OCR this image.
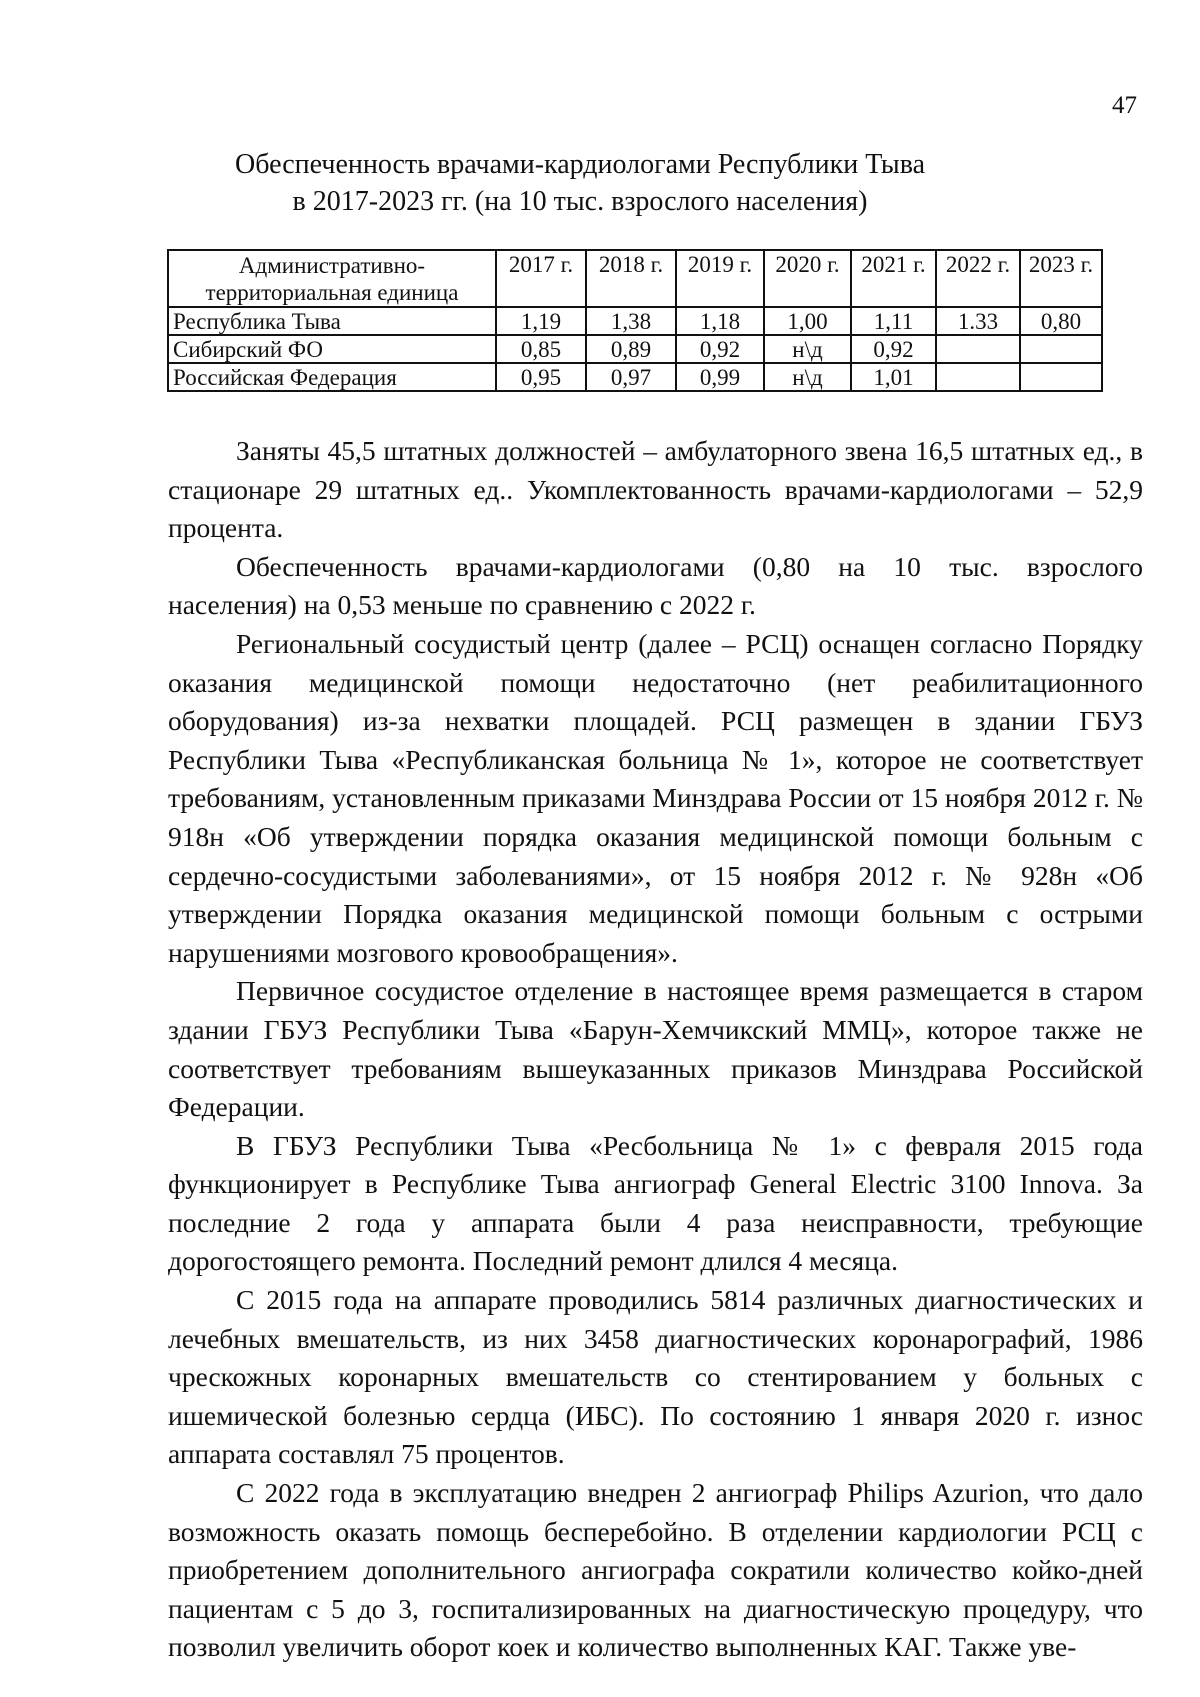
47
Обеспеченность врачами-кардиологами Республики Тыва
в 2017-2023 гг. (на 10 тыс. взрослого населения)
Административно-территориальная единица	2017 г.	2018 г.	2019 г.	2020 г.	2021 г.	2022 г.	2023 г.
Республика Тыва	1,19	1,38	1,18	1,00	1,11	1.33	0,80
Сибирский ФО	0,85	0,89	0,92	н\д	0,92		
Российская Федерация	0,95	0,97	0,99	н\д	1,01		

Заняты 45,5 штатных должностей – амбулаторного звена 16,5 штатных ед., в стационаре 29 штатных ед.. Укомплектованность врачами-кардиологами – 52,9 процента.

Обеспеченность врачами-кардиологами (0,80 на 10 тыс. взрослого населения) на 0,53 меньше по сравнению с 2022 г.

Региональный сосудистый центр (далее – РСЦ) оснащен согласно Порядку оказания медицинской помощи недостаточно (нет реабилитационного оборудования) из-за нехватки площадей. РСЦ размещен в здании ГБУЗ Республики Тыва «Республиканская больница № 1», которое не соответствует требованиям, установленным приказами Минздрава России от 15 ноября 2012 г. № 918н «Об утверждении порядка оказания медицинской помощи больным с сердечно-сосудистыми заболеваниями», от 15 ноября 2012 г. № 928н «Об утверждении Порядка оказания медицинской помощи больным с острыми нарушениями мозгового кровообращения».

Первичное сосудистое отделение в настоящее время размещается в старом здании ГБУЗ Республики Тыва «Барун-Хемчикский ММЦ», которое также не соответствует требованиям вышеуказанных приказов Минздрава Российской Федерации.

В ГБУЗ Республики Тыва «Ресбольница № 1» с февраля 2015 года функционирует в Республике Тыва ангиограф General Electric 3100 Innova. За последние 2 года у аппарата были 4 раза неисправности, требующие дорогостоящего ремонта. Последний ремонт длился 4 месяца.

С 2015 года на аппарате проводились 5814 различных диагностических и лечебных вмешательств, из них 3458 диагностических коронарографий, 1986 чрескожных коронарных вмешательств со стентированием у больных с ишемической болезнью сердца (ИБС). По состоянию 1 января 2020 г. износ аппарата составлял 75 процентов.

С 2022 года в эксплуатацию внедрен 2 ангиограф Philips Azurion, что дало возможность оказать помощь бесперебойно. В отделении кардиологии РСЦ с приобретением дополнительного ангиографа сократили количество койко-дней пациентам с 5 до 3, госпитализированных на диагностическую процедуру, что позволил увеличить оборот коек и количество выполненных КАГ. Также уве-
